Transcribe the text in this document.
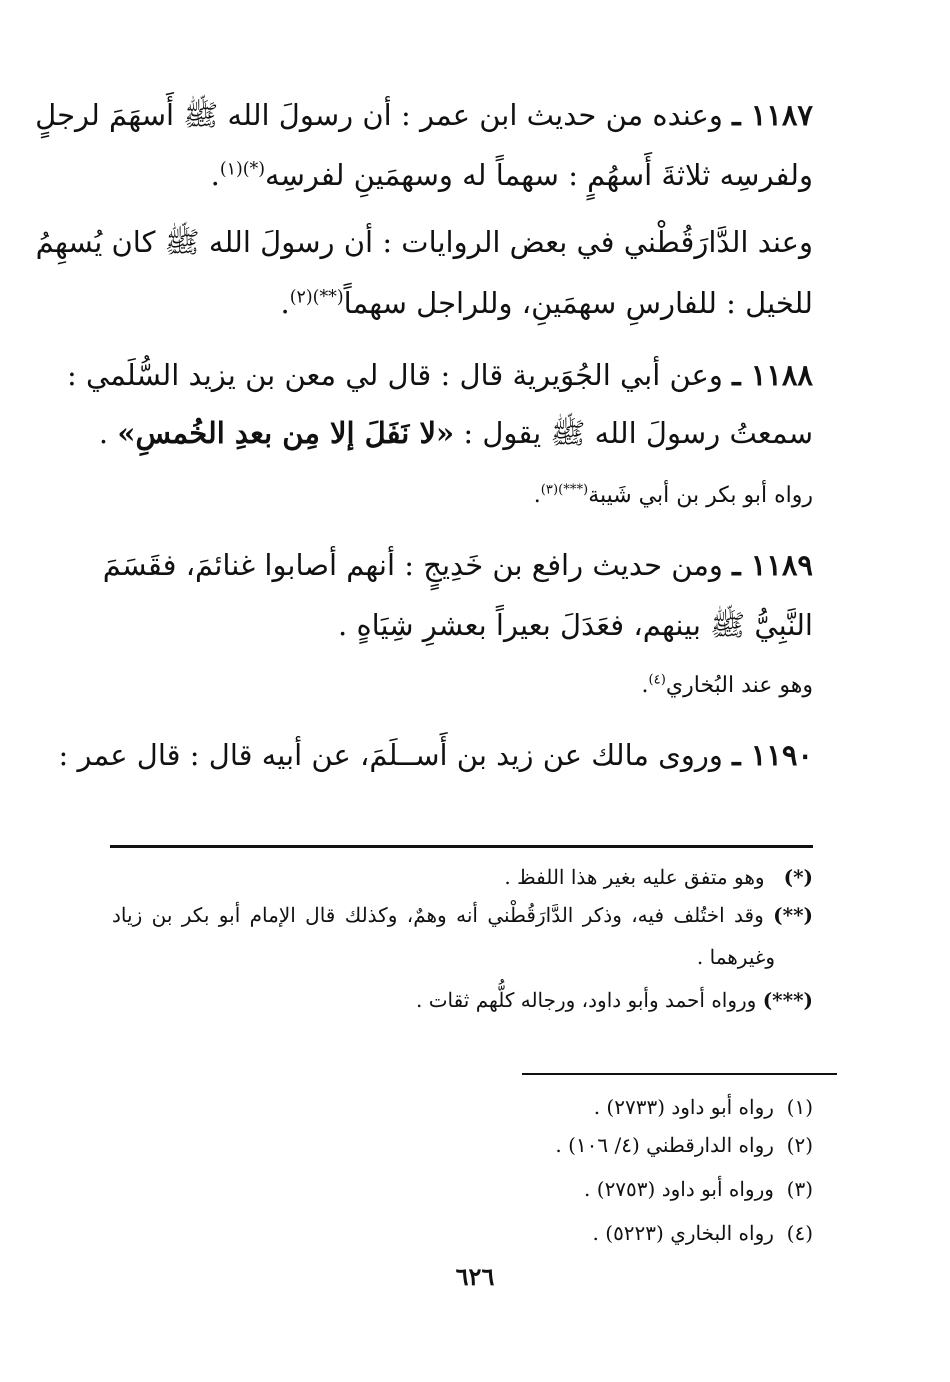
١١٨٧ ـ وعنده من حديث ابن عمر : أن رسولَ الله ﷺ أَسهَمَ لرجلٍ
ولفرسِه ثلاثةَ أَسهُمٍ : سهماً له وسهمَينِ لفرسِه$^{(*)(١)}$.
وعند الدَّارَقُطْني في بعض الروايات : أن رسولَ الله ﷺ كان يُسهِمُ
للخيل : للفارسِ سهمَينِ، وللراجل سهماً$^{(**)(٢)}$.
١١٨٨ ـ وعن أبي الجُوَيرية قال : قال لي معن بن يزيد السُّلَمي :
سمعتُ رسولَ الله ﷺ يقول : «لا نَفَلَ إلا مِن بعدِ الخُمسِ» .
رواه أبو بكر بن أبي شَيبة$^{(***)(٣)}$.
١١٨٩ ـ ومن حديث رافع بن خَدِيجٍ : أنهم أصابوا غنائمَ، فقَسَمَ
النَّبِيُّ ﷺ بينهم، فعَدَلَ بعيراً بعشرِ شِيَاهٍ .
وهو عند البُخاري$^{(٤)}$.
١١٩٠ ـ وروى مالك عن زيد بن أَســلَمَ، عن أبيه قال : قال عمر :
(*)   وهو متفق عليه بغير هذا اللفظ .
(**) وقد اختُلف فيه، وذكر الدَّارَقُطْني أنه وهمٌ، وكذلك قال الإمام أبو بكر بن زياد
وغيرهما .
(***) ورواه أحمد وأبو داود، ورجاله كلُّهم ثقات .
(١)  رواه أبو داود (٢٧٣٣) .
(٢)  رواه الدارقطني (٤/ ١٠٦) .
(٣)  ورواه أبو داود (٢٧٥٣) .
(٤)  رواه البخاري (٥٢٢٣) .
٦٢٦
